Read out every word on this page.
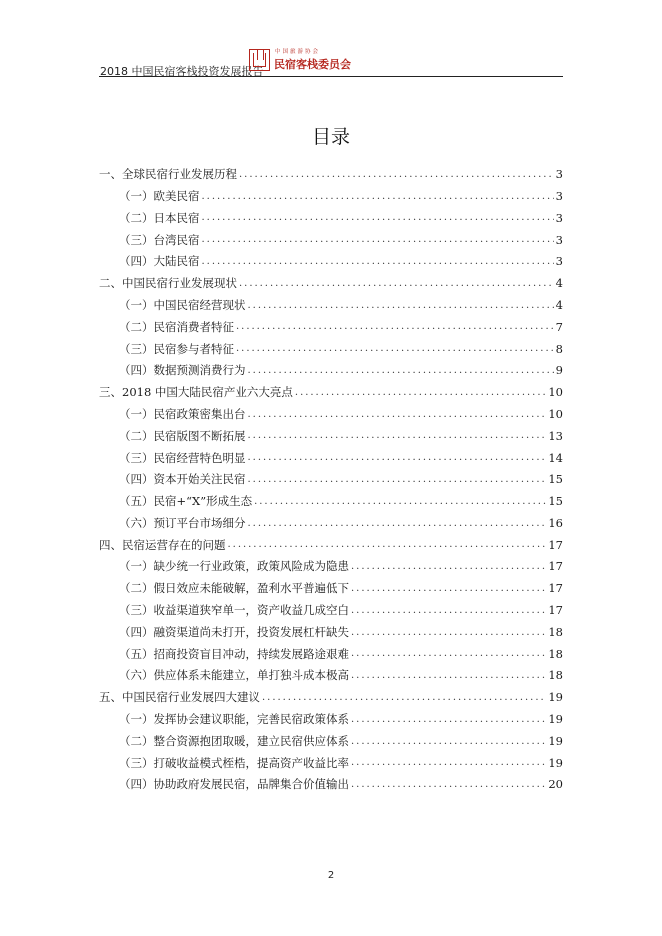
2018 中国民宿客栈投资发展报告
中国旅游协会
民宿客栈委员会
目录
一、全球民宿行业发展历程 . . .	3
（一）欧美民宿 . . .	3
（二）日本民宿 . . .	3
（三）台湾民宿 . . .	3
（四）大陆民宿 . . .	3
二、中国民宿行业发展现状 . . .	4
（一）中国民宿经营现状 . . .	4
（二）民宿消费者特征 . . .	7
（三）民宿参与者特征 . . .	8
（四）数据预测消费行为 . . .	9
三、2018 中国大陆民宿产业六大亮点 . . .	10
（一）民宿政策密集出台 . . .	10
（二）民宿版图不断拓展 . . .	13
（三）民宿经营特色明显 . . .	14
（四）资本开始关注民宿 . . .	15
（五）民宿+“X”形成生态 . . .	15
（六）预订平台市场细分 . . .	16
四、民宿运营存在的问题 . . .	17
（一）缺少统一行业政策，政策风险成为隐患 . . .	17
（二）假日效应未能破解，盈利水平普遍低下 . . .	17
（三）收益渠道狭窄单一，资产收益几成空白 . . .	17
（四）融资渠道尚未打开，投资发展杠杆缺失 . . .	18
（五）招商投资盲目冲动，持续发展路途艰难 . . .	18
（六）供应体系未能建立，单打独斗成本极高 . . .	18
五、中国民宿行业发展四大建议 . . .	19
（一）发挥协会建议职能，完善民宿政策体系 . . .	19
（二）整合资源抱团取暖，建立民宿供应体系 . . .	19
（三）打破收益模式桎梏，提高资产收益比率 . . .	19
（四）协助政府发展民宿，品牌集合价值输出 . . .	20
2
